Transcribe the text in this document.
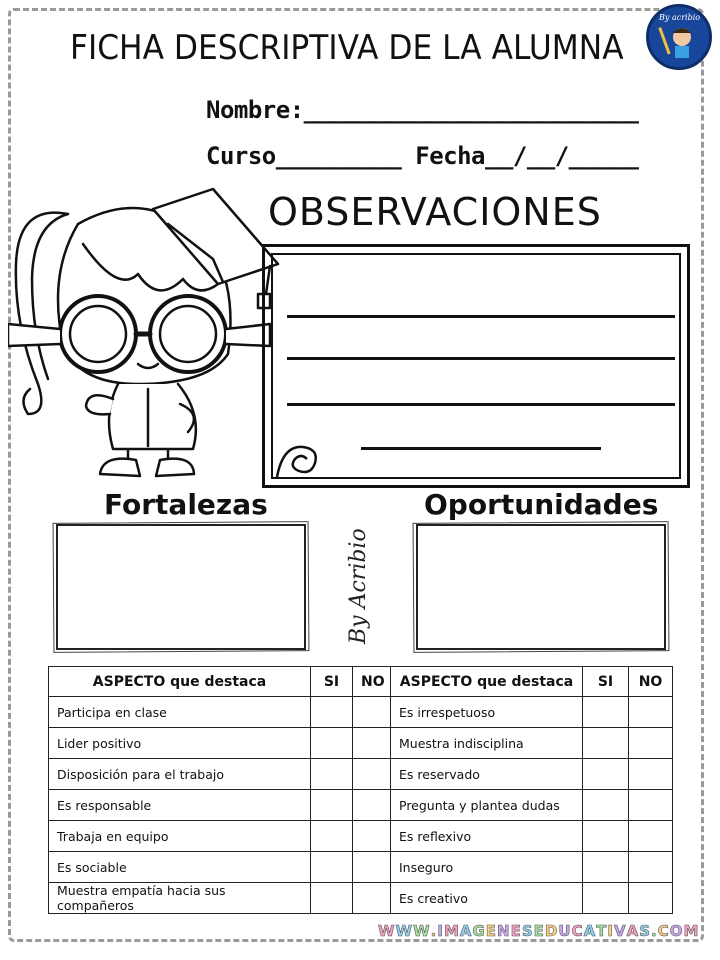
FICHA DESCRIPTIVA DE LA ALUMNA
By acribio
Nombre:________________________
Curso_________ Fecha__/__/_____
OBSERVACIONES
Fortalezas	Oportunidades
By Acribio
ASPECTO que destaca	SI	NO	ASPECTO que destaca	SI	NO
Participa en clase			Es irrespetuoso		
Lider positivo			Muestra indisciplina		
Disposición para el trabajo			Es reservado		
Es responsable			Pregunta y plantea dudas		
Trabaja en equipo			Es reflexivo		
Es sociable			Inseguro		
Muestra empatía hacia sus compañeros			Es creativo		
WWW.IMAGENESEDUCATIVAS.COM
